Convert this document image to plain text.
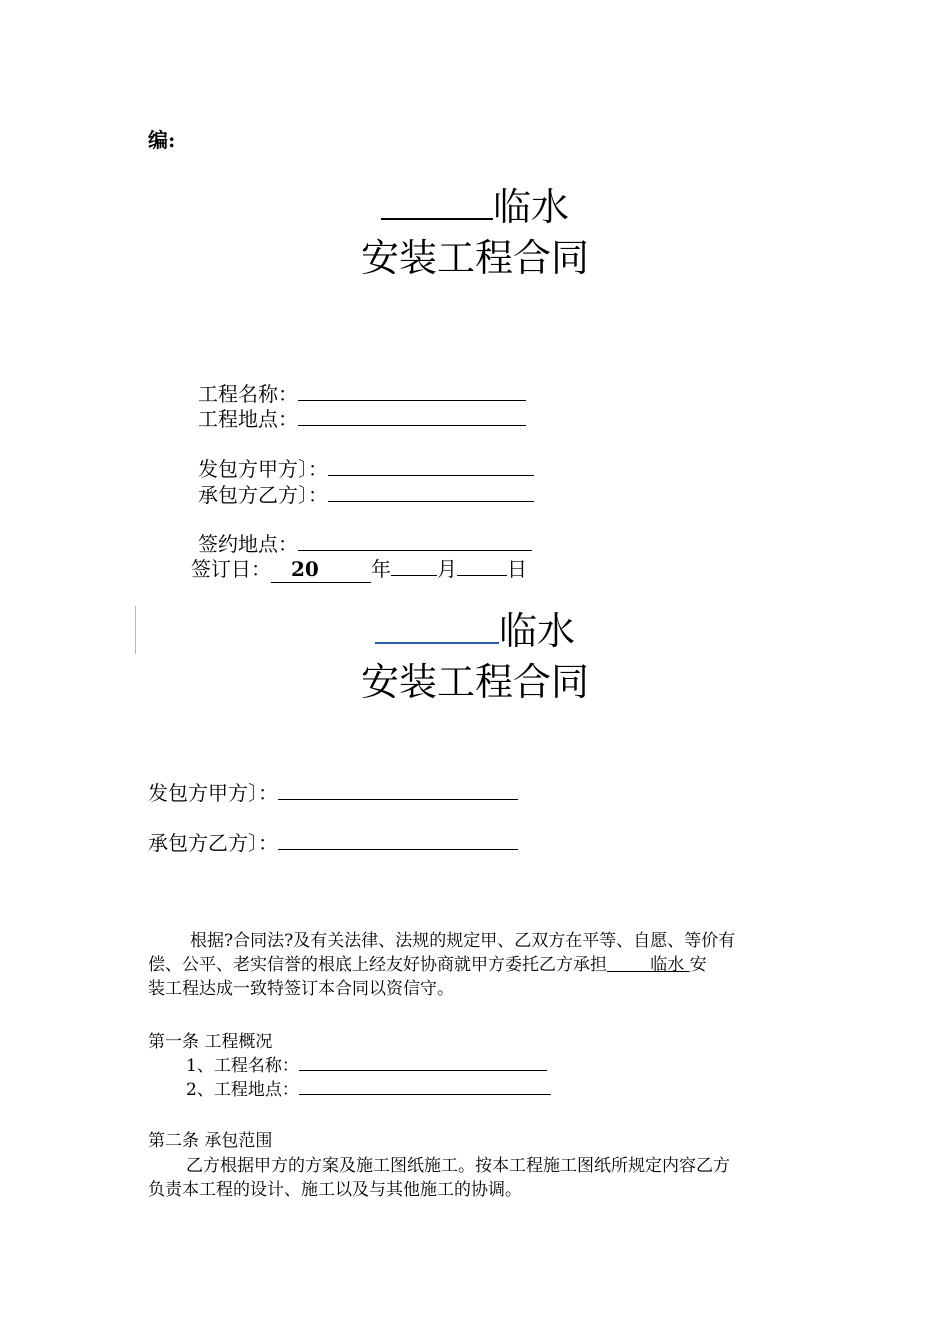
编:
临水
安装工程合同
工程名称：
工程地点：
发包方甲方〕：
承包方乙方〕：
签约地点：
签订日： 20	年 月	日
临水
安装工程合同
发包方甲方〕：
承包方乙方〕：
根据?合同法?及有关法律、法规的规定甲、乙双方在平等、自愿、等价有
偿、公平、老实信誉的根底上经友好协商就甲方委托乙方承担        临水 安
装工程达成一致特签订本合同以资信守。
第一条 工程概况
1、工程名称：
2、工程地点：
第二条 承包范围
乙方根据甲方的方案及施工图纸施工。按本工程施工图纸所规定内容乙方
负责本工程的设计、施工以及与其他施工的协调。
